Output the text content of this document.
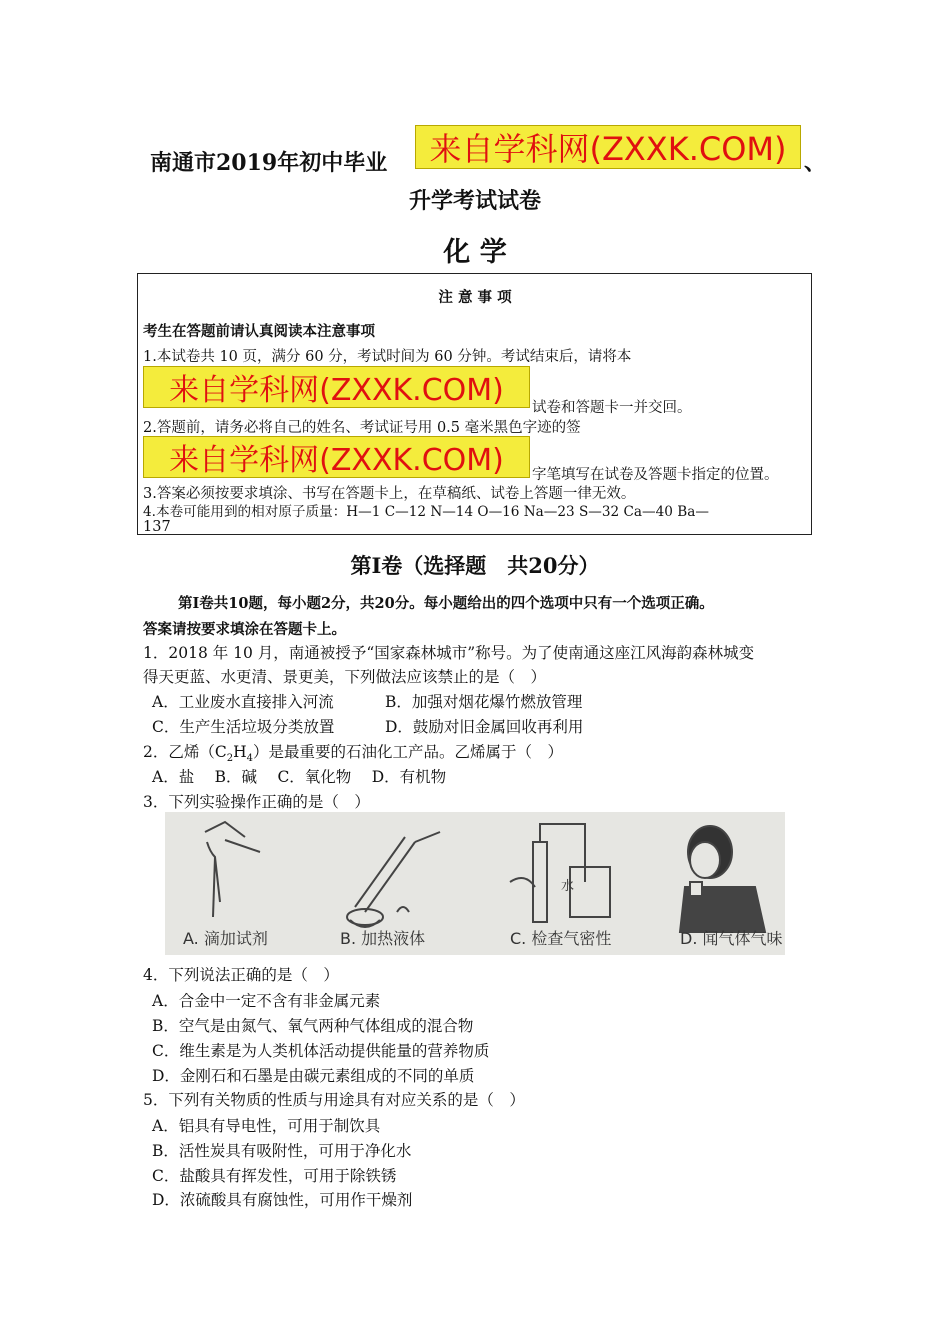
南通市2019年初中毕业	来自学科网(ZXXK.COM) 、
升学考试试卷
化 学
注 意 事 项
考生在答题前请认真阅读本注意事项
1.本试卷共 10 页，满分 60 分，考试时间为 60 分钟。考试结束后，请将本
来自学科网(ZXXK.COM)	试卷和答题卡一并交回。
2.答题前，请务必将自己的姓名、考试证号用 0.5 毫米黑色字迹的签
来自学科网(ZXXK.COM)	字笔填写在试卷及答题卡指定的位置。
3.答案必须按要求填涂、书写在答题卡上，在草稿纸、试卷上答题一律无效。
4.本卷可能用到的相对原子质量：H—1 C—12 N—14 O—16 Na—23 S—32 Ca—40 Ba—
137
第Ⅰ卷（选择题　共20分）
第Ⅰ卷共10题，每小题2分，共20分。每小题给出的四个选项中只有一个选项正确。
答案请按要求填涂在答题卡上。
1．2018 年 10 月，南通被授予“国家森林城市”称号。为了使南通这座江风海韵森林城变
得天更蓝、水更清、景更美，下列做法应该禁止的是（　）
A．工业废水直接排入河流	B．加强对烟花爆竹燃放管理
C．生产生活垃圾分类放置	D．鼓励对旧金属回收再利用
2．乙烯$(C_2H_4)$是最重要的石油化工产品。乙烯属于（　）
A．盐　 B．碱　 C．氧化物　 D．有机物
3．下列实验操作正确的是（　）
水
A. 滴加试剂	B. 加热液体	C. 检查气密性	D. 闻气体气味
4．下列说法正确的是（　）
A．合金中一定不含有非金属元素
B．空气是由氮气、氧气两种气体组成的混合物
C．维生素是为人类机体活动提供能量的营养物质
D．金刚石和石墨是由碳元素组成的不同的单质
5．下列有关物质的性质与用途具有对应关系的是（　）
A．铝具有导电性，可用于制饮具
B．活性炭具有吸附性，可用于净化水
C．盐酸具有挥发性，可用于除铁锈
D．浓硫酸具有腐蚀性，可用作干燥剂
